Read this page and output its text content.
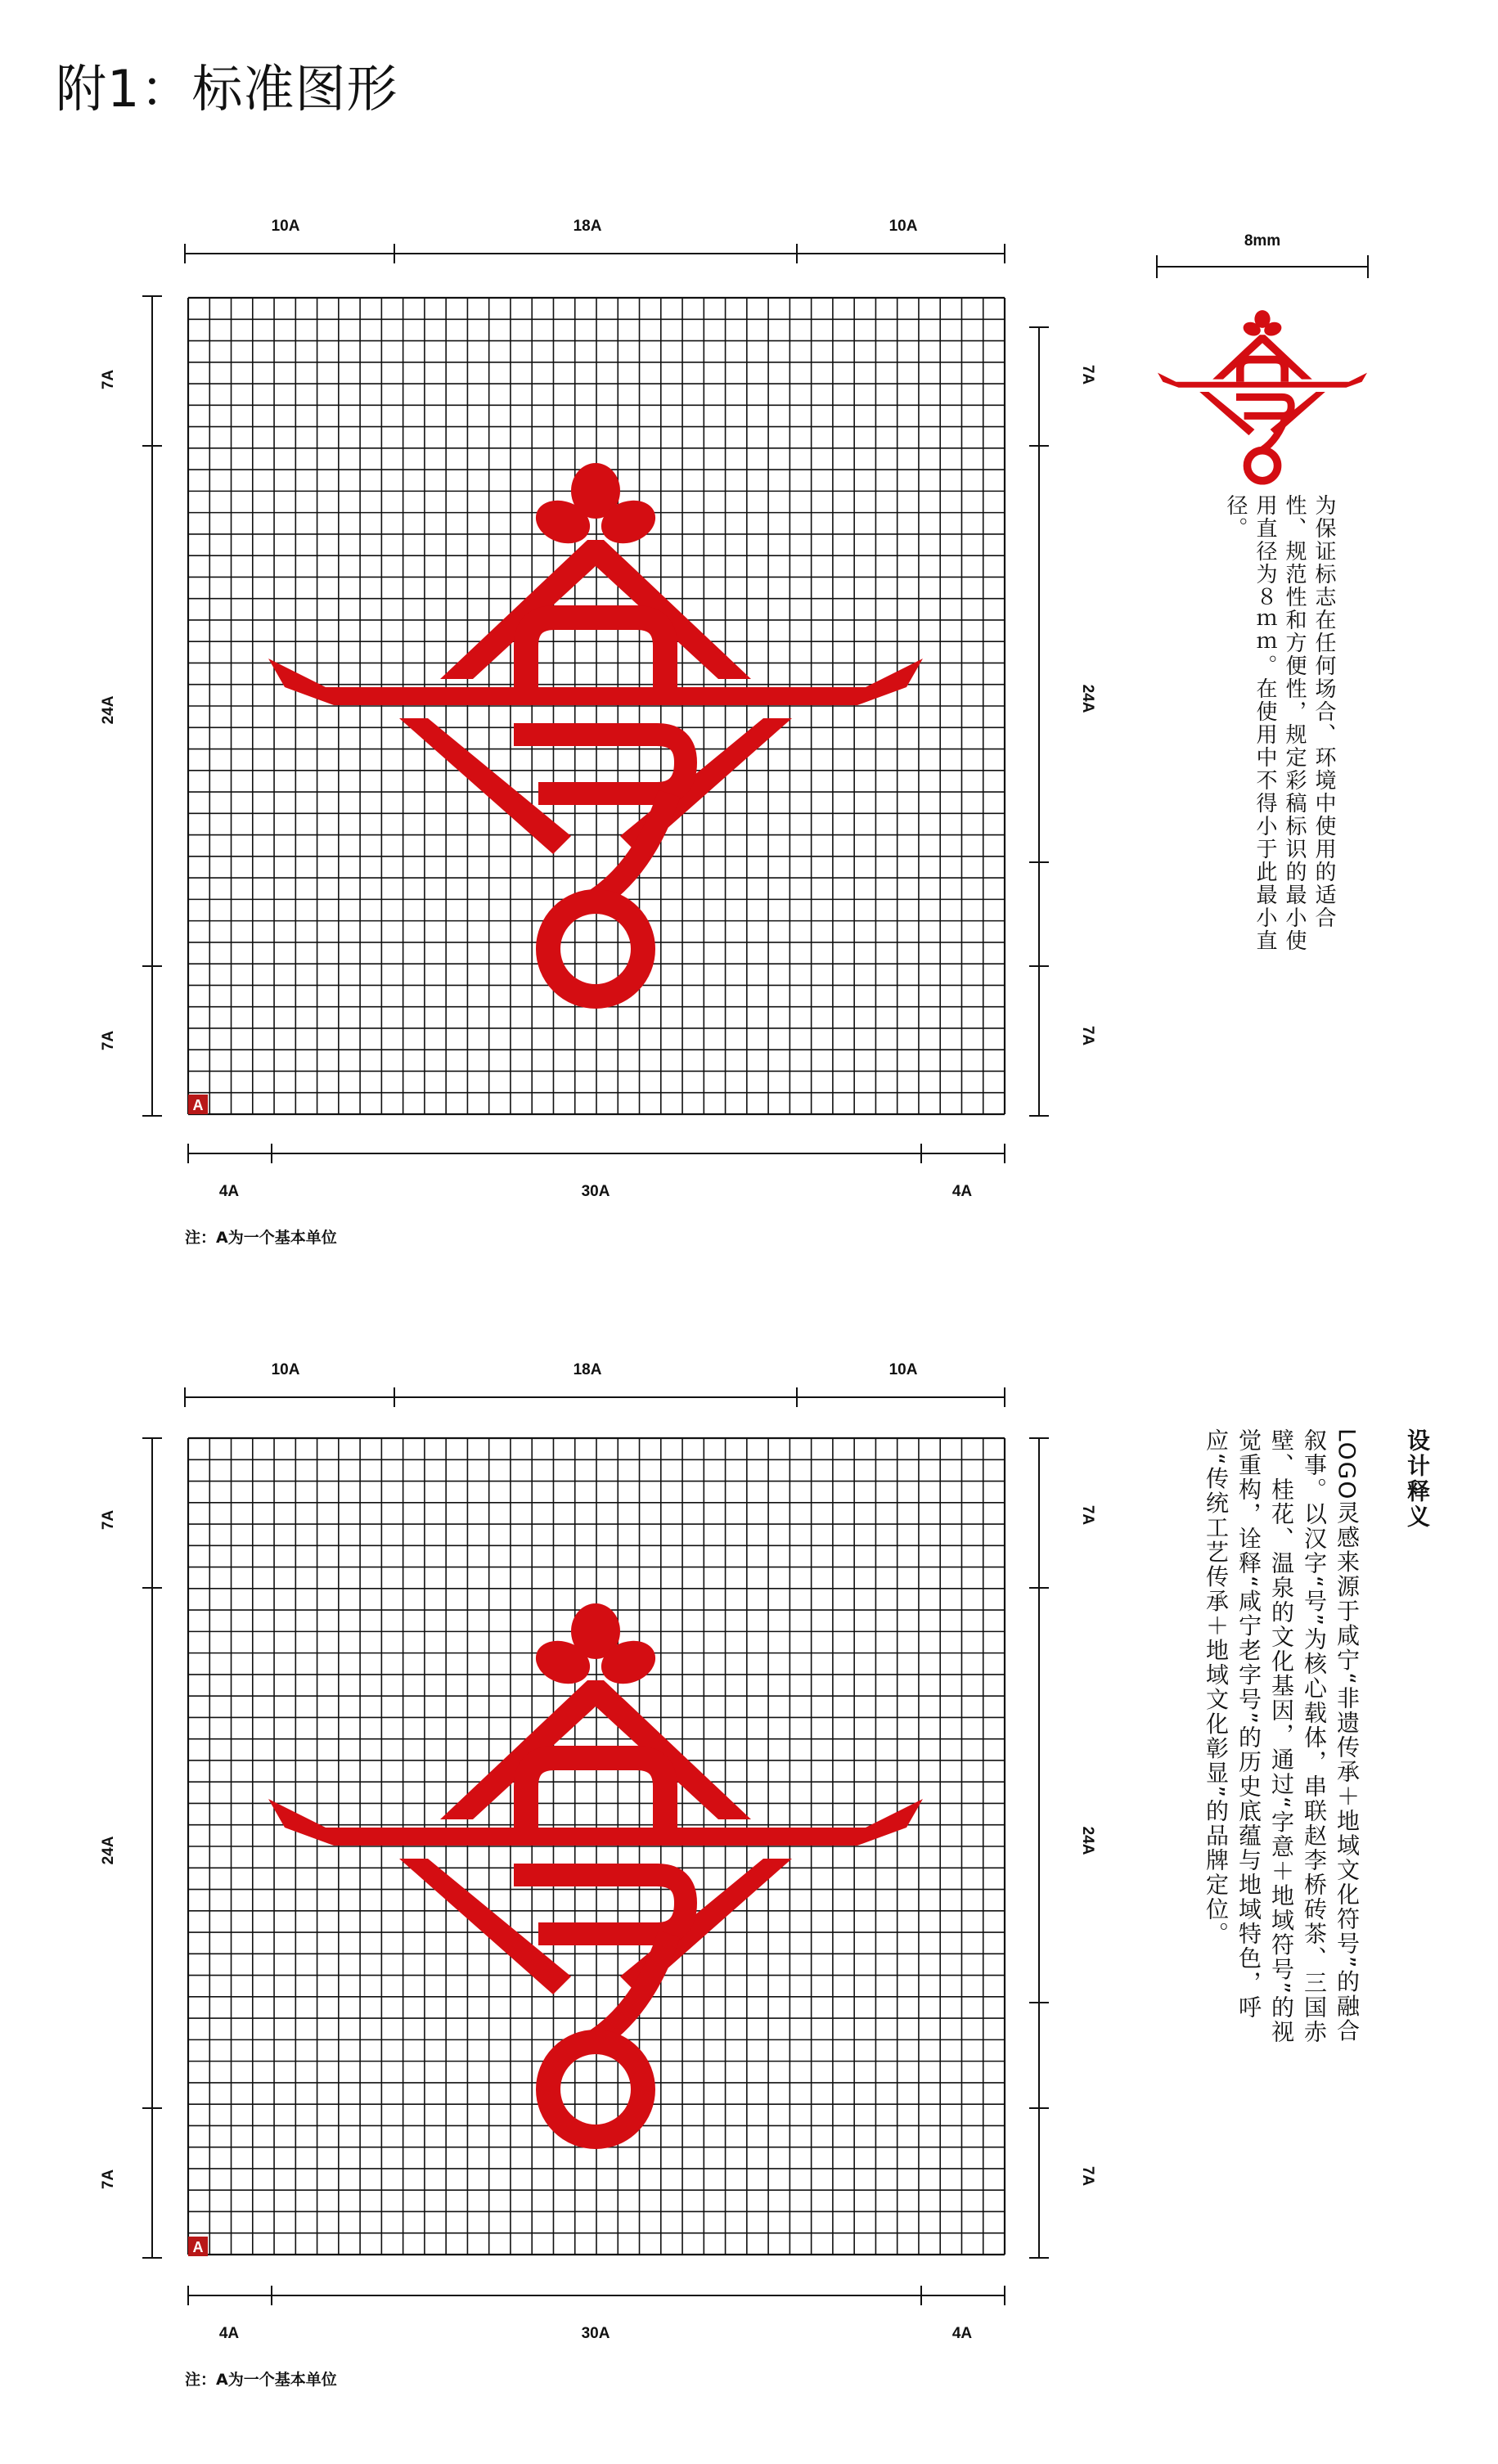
附1：标准图形
10A	18A	10A
7A
24A
7A
7A
24A
7A
4A	30A	4A
A
10A	18A	10A
7A
24A
7A
7A
24A
7A
4A	30A	4A
A
8mm
注：A为一个基本单位
注：A为一个基本单位
为保证标志在任何场合、环境中使用的适合性、规范性和方便性，规定彩稿标识的最小使用直径为８ｍｍ。在使用中不得小于此最小直径。
设计释义
LOGO灵感来源于咸宁“非遗传承＋地域文化符号”的融合叙事。以汉字“号”为核心载体，串联赵李桥砖茶、三国赤壁、桂花、温泉的文化基因，通过“字意＋地域符号”的视觉重构，诠释“咸宁老字号”的历史底蕴与地域特色，呼应“传统工艺传承＋地域文化彰显”的品牌定位。
